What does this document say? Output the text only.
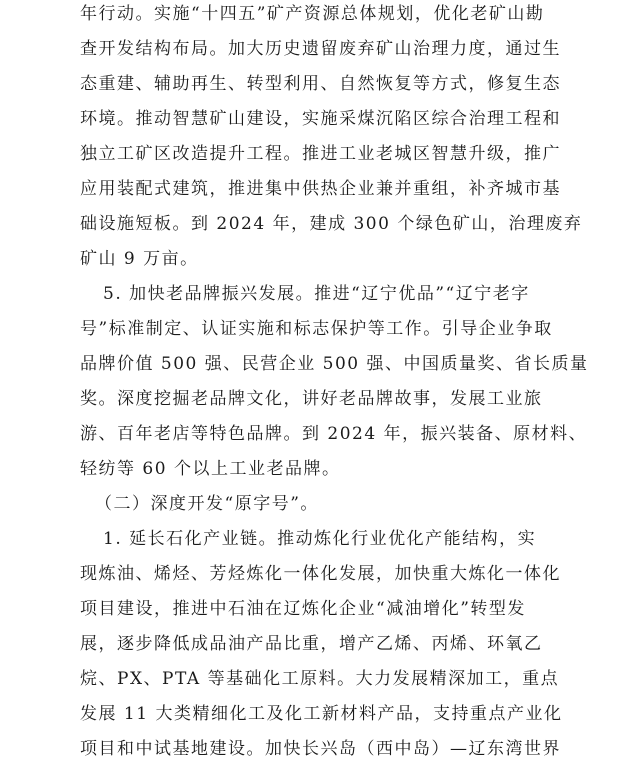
年行动。实施“十四五”矿产资源总体规划，优化老矿山勘
查开发结构布局。加大历史遗留废弃矿山治理力度，通过生
态重建、辅助再生、转型利用、自然恢复等方式，修复生态
环境。推动智慧矿山建设，实施采煤沉陷区综合治理工程和
独立工矿区改造提升工程。推进工业老城区智慧升级，推广
应用装配式建筑，推进集中供热企业兼并重组，补齐城市基
础设施短板。到 2024 年，建成 300 个绿色矿山，治理废弃
矿山 9 万亩。
5. 加快老品牌振兴发展。推进“辽宁优品”“辽宁老字
号”标准制定、认证实施和标志保护等工作。引导企业争取
品牌价值 500 强、民营企业 500 强、中国质量奖、省长质量
奖。深度挖掘老品牌文化，讲好老品牌故事，发展工业旅
游、百年老店等特色品牌。到 2024 年，振兴装备、原材料、
轻纺等 60 个以上工业老品牌。
（二）深度开发“原字号”。
1. 延长石化产业链。推动炼化行业优化产能结构，实
现炼油、烯烃、芳烃炼化一体化发展，加快重大炼化一体化
项目建设，推进中石油在辽炼化企业“减油增化”转型发
展，逐步降低成品油产品比重，增产乙烯、丙烯、环氧乙
烷、PX、PTA 等基础化工原料。大力发展精深加工，重点
发展 11 大类精细化工及化工新材料产品，支持重点产业化
项目和中试基地建设。加快长兴岛（西中岛）—辽东湾世界
